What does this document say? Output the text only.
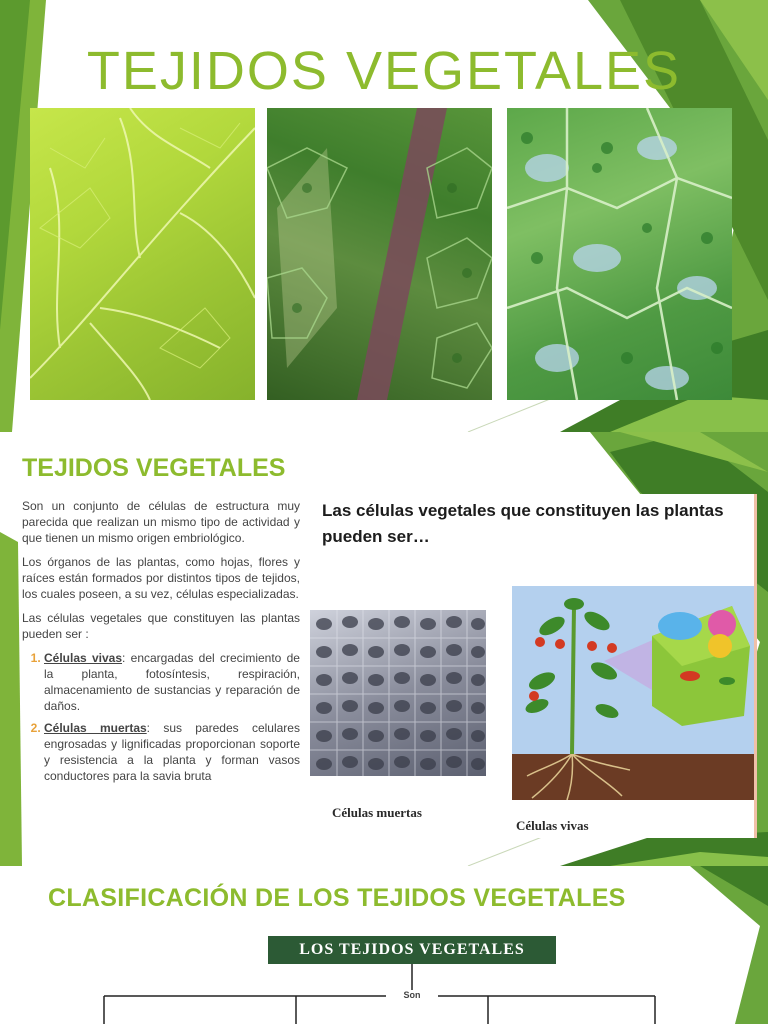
TEJIDOS VEGETALES
TEJIDOS VEGETALES

Son un conjunto de células de estructura muy parecida que realizan un mismo tipo de actividad y que tienen un mismo origen embriológico.

Los órganos de las plantas, como hojas, flores y raíces están formados por distintos tipos de tejidos, los cuales poseen, a su vez, células especializadas.

Las células vegetales que constituyen las plantas pueden ser :

1. Células vivas: encargadas del crecimiento de la planta, fotosíntesis, respiración, almacenamiento de sustancias y reparación de daños.
2. Células muertas: sus paredes celulares engrosadas y lignificadas proporcionan soporte y resistencia a la planta y forman vasos conductores para la savia bruta
Las células vegetales que constituyen las plantas pueden ser…
Células muertas
Células vivas
CLASIFICACIÓN DE LOS TEJIDOS VEGETALES
LOS TEJIDOS VEGETALES
Son
